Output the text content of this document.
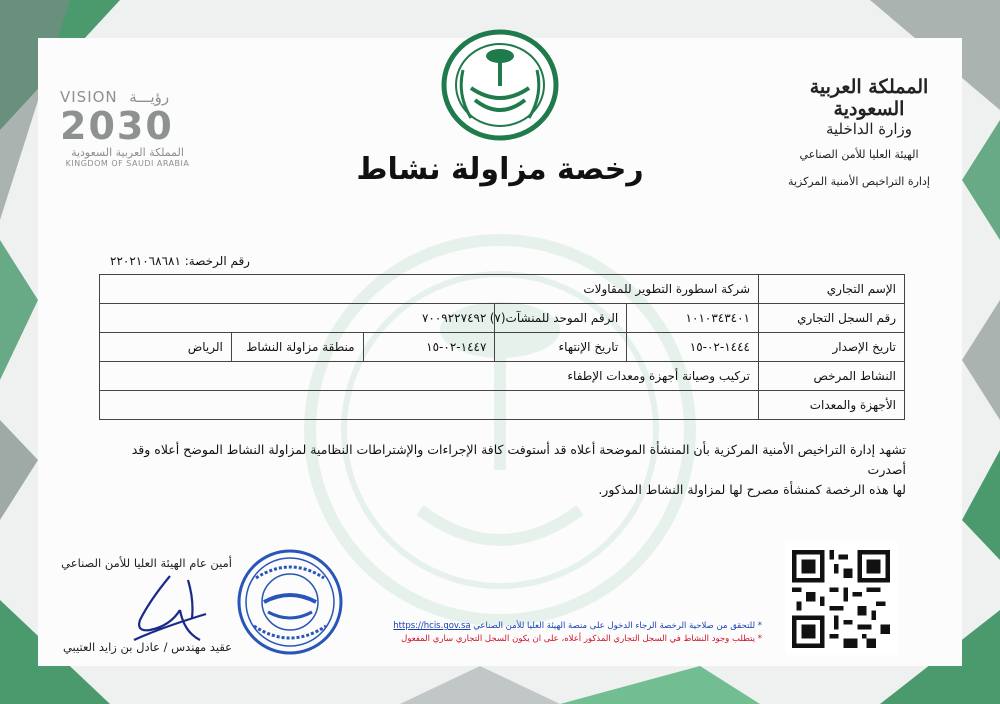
رخصة مزاولة نشاط
المملكة العربية السعودية
وزارة الداخلية
الهيئة العليا للأمن الصناعي
إدارة التراخيص الأمنية المركزية
VISION رؤيـــة
2030
المملكة العربية السعودية
KINGDOM OF SAUDI ARABIA
رقم الرخصة: ٢٢٠٢١٠٦٨٦٨١
الإسم التجاري	شركة اسطورة التطوير للمقاولات				
رقم السجل التجاري	١٠١٠٣٤٣٤٠١	الرقم الموحد للمنشآت(٧)	٧٠٠٩٢٢٧٤٩٢		
تاريخ الإصدار	١٤٤٤-٠٢-١٥	تاريخ الإنتهاء	١٤٤٧-٠٢-١٥	منطقة مزاولة النشاط	الرياض
النشاط المرخص	تركيب وصيانة أجهزة ومعدات الإطفاء				
الأجهزة والمعدات					
تشهد إدارة التراخيص الأمنية المركزية بأن المنشأة الموضحة أعلاه قد أستوفت كافة الإجراءات والإشتراطات النظامية لمزاولة النشاط الموضح أعلاه وقد أصدرت
لها هذه الرخصة كمنشأة مصرح لها لمزاولة النشاط المذكور.
* للتحقق من صلاحية الرخصة الرجاء الدخول على منصة الهيئة العليا للأمن الصناعي https://hcis.gov.sa
* يتطلب وجود النشاط في السجل التجاري المذكور أعلاه، على ان يكون السجل التجاري ساري المفعول
أمين عام الهيئة العليا للأمن الصناعي
عقيد مهندس / عادل بن زايد العتيبي
